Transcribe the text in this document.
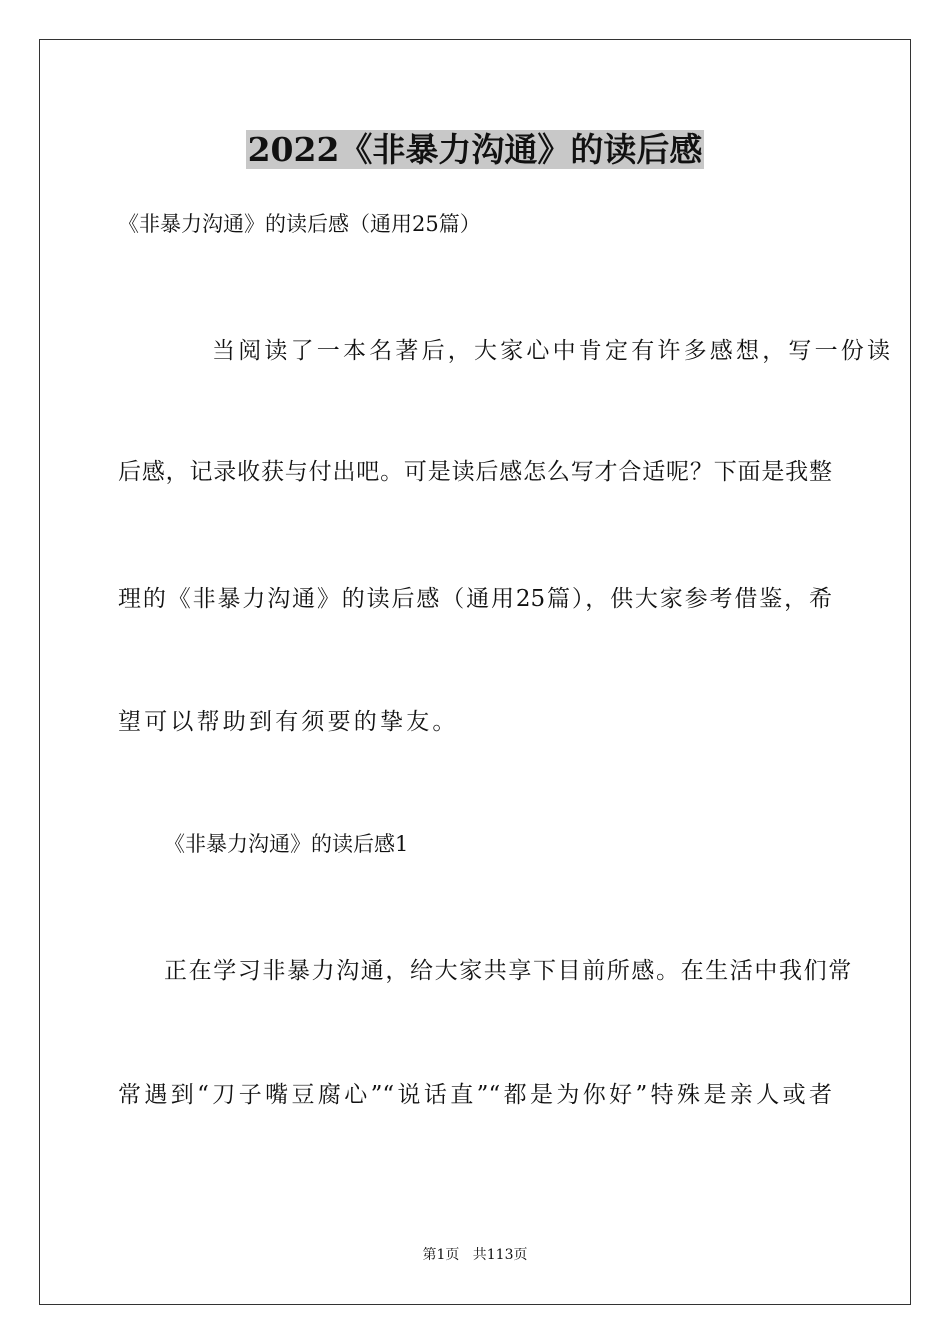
2022《非暴力沟通》的读后感
《非暴力沟通》的读后感（通用25篇）
当阅读了一本名著后，大家心中肯定有许多感想，写一份读
后感，记录收获与付出吧。可是读后感怎么写才合适呢？下面是我整
理的《非暴力沟通》的读后感（通用25篇），供大家参考借鉴，希
望可以帮助到有须要的挚友。
《非暴力沟通》的读后感1
正在学习非暴力沟通，给大家共享下目前所感。在生活中我们常
常遇到“刀子嘴豆腐心”“说话直”“都是为你好”特殊是亲人或者
第1页   共113页
